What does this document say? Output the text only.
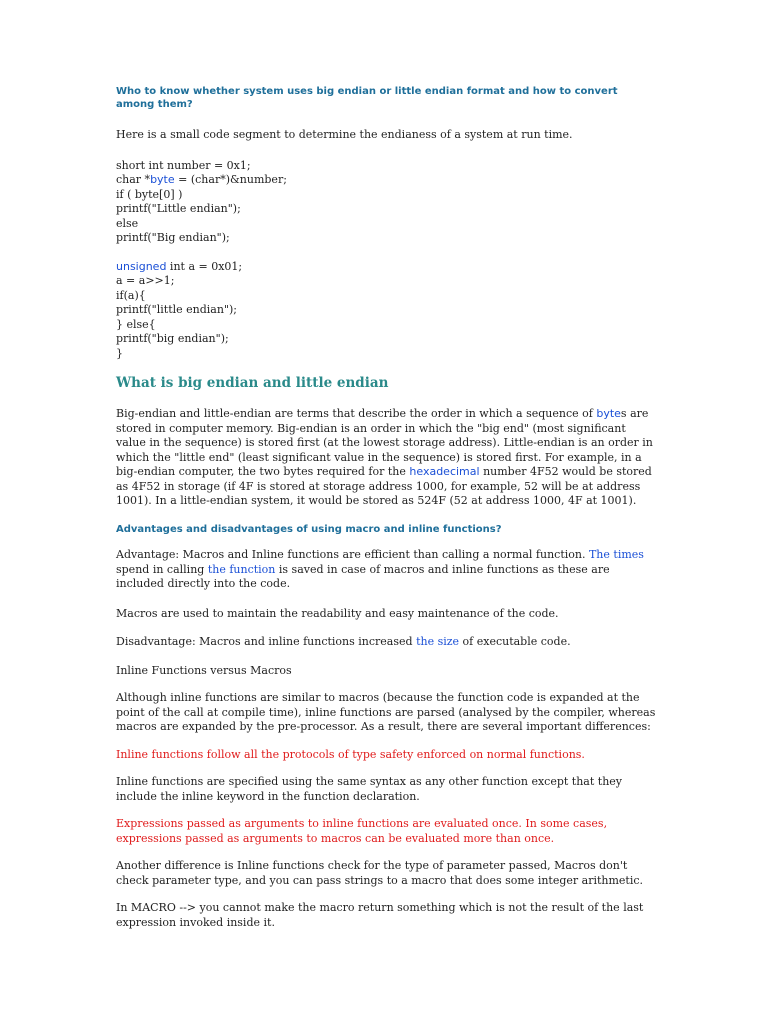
Who to know whether system uses big endian or little endian format and how to convert among them?

Here is a small code segment to determine the endianess of a system at run time.

short int number = 0x1;
char *byte = (char*)&number;
if ( byte[0] )
printf("Little endian");
else
printf("Big endian");
unsigned int a = 0x01;
a = a>>1;
if(a){
printf("little endian");
} else{
printf("big endian");
}
What is big endian and little endian

Big-endian and little-endian are terms that describe the order in which a sequence of bytes are stored in computer memory. Big-endian is an order in which the "big end" (most significant value in the sequence) is stored first (at the lowest storage address). Little-endian is an order in which the "little end" (least significant value in the sequence) is stored first. For example, in a big-endian computer, the two bytes required for the hexadecimal number 4F52 would be stored as 4F52 in storage (if 4F is stored at storage address 1000, for example, 52 will be at address 1001). In a little-endian system, it would be stored as 524F (52 at address 1000, 4F at 1001).

Advantages and disadvantages of using macro and inline functions?

Advantage: Macros and Inline functions are efficient than calling a normal function. The times spend in calling the function is saved in case of macros and inline functions as these are included directly into the code.

Macros are used to maintain the readability and easy maintenance of the code.

Disadvantage: Macros and inline functions increased the size of executable code.

Inline Functions versus Macros

Although inline functions are similar to macros (because the function code is expanded at the point of the call at compile time), inline functions are parsed (analysed by the compiler, whereas macros are expanded by the pre-processor. As a result, there are several important differences:

Inline functions follow all the protocols of type safety enforced on normal functions.

Inline functions are specified using the same syntax as any other function except that they include the inline keyword in the function declaration.

Expressions passed as arguments to inline functions are evaluated once. In some cases, expressions passed as arguments to macros can be evaluated more than once.

Another difference is Inline functions check for the type of parameter passed, Macros don't check parameter type, and you can pass strings to a macro that does some integer arithmetic.

In MACRO --> you cannot make the macro return something which is not the result of the last expression invoked inside it.
